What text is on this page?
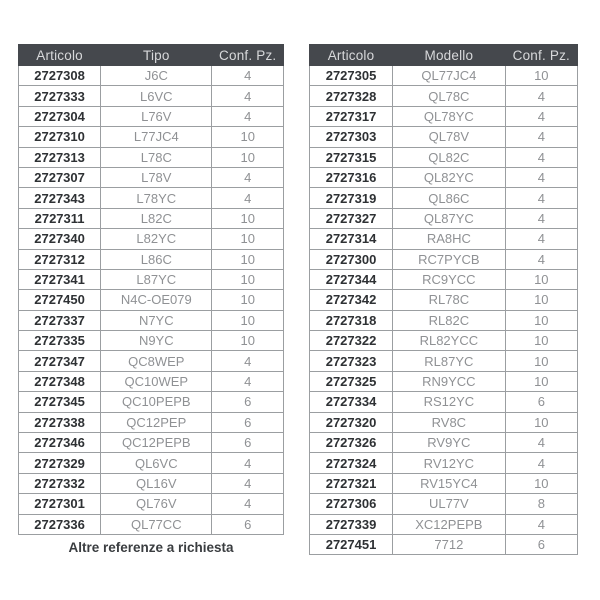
Articolo	Tipo	Conf. Pz.
2727308	J6C	4
2727333	L6VC	4
2727304	L76V	4
2727310	L77JC4	10
2727313	L78C	10
2727307	L78V	4
2727343	L78YC	4
2727311	L82C	10
2727340	L82YC	10
2727312	L86C	10
2727341	L87YC	10
2727450	N4C-OE079	10
2727337	N7YC	10
2727335	N9YC	10
2727347	QC8WEP	4
2727348	QC10WEP	4
2727345	QC10PEPB	6
2727338	QC12PEP	6
2727346	QC12PEPB	6
2727329	QL6VC	4
2727332	QL16V	4
2727301	QL76V	4
2727336	QL77CC	6
Articolo	Modello	Conf. Pz.
2727305	QL77JC4	10
2727328	QL78C	4
2727317	QL78YC	4
2727303	QL78V	4
2727315	QL82C	4
2727316	QL82YC	4
2727319	QL86C	4
2727327	QL87YC	4
2727314	RA8HC	4
2727300	RC7PYCB	4
2727344	RC9YCC	10
2727342	RL78C	10
2727318	RL82C	10
2727322	RL82YCC	10
2727323	RL87YC	10
2727325	RN9YCC	10
2727334	RS12YC	6
2727320	RV8C	10
2727326	RV9YC	4
2727324	RV12YC	4
2727321	RV15YC4	10
2727306	UL77V	8
2727339	XC12PEPB	4
2727451	7712	6
Altre referenze a richiesta
